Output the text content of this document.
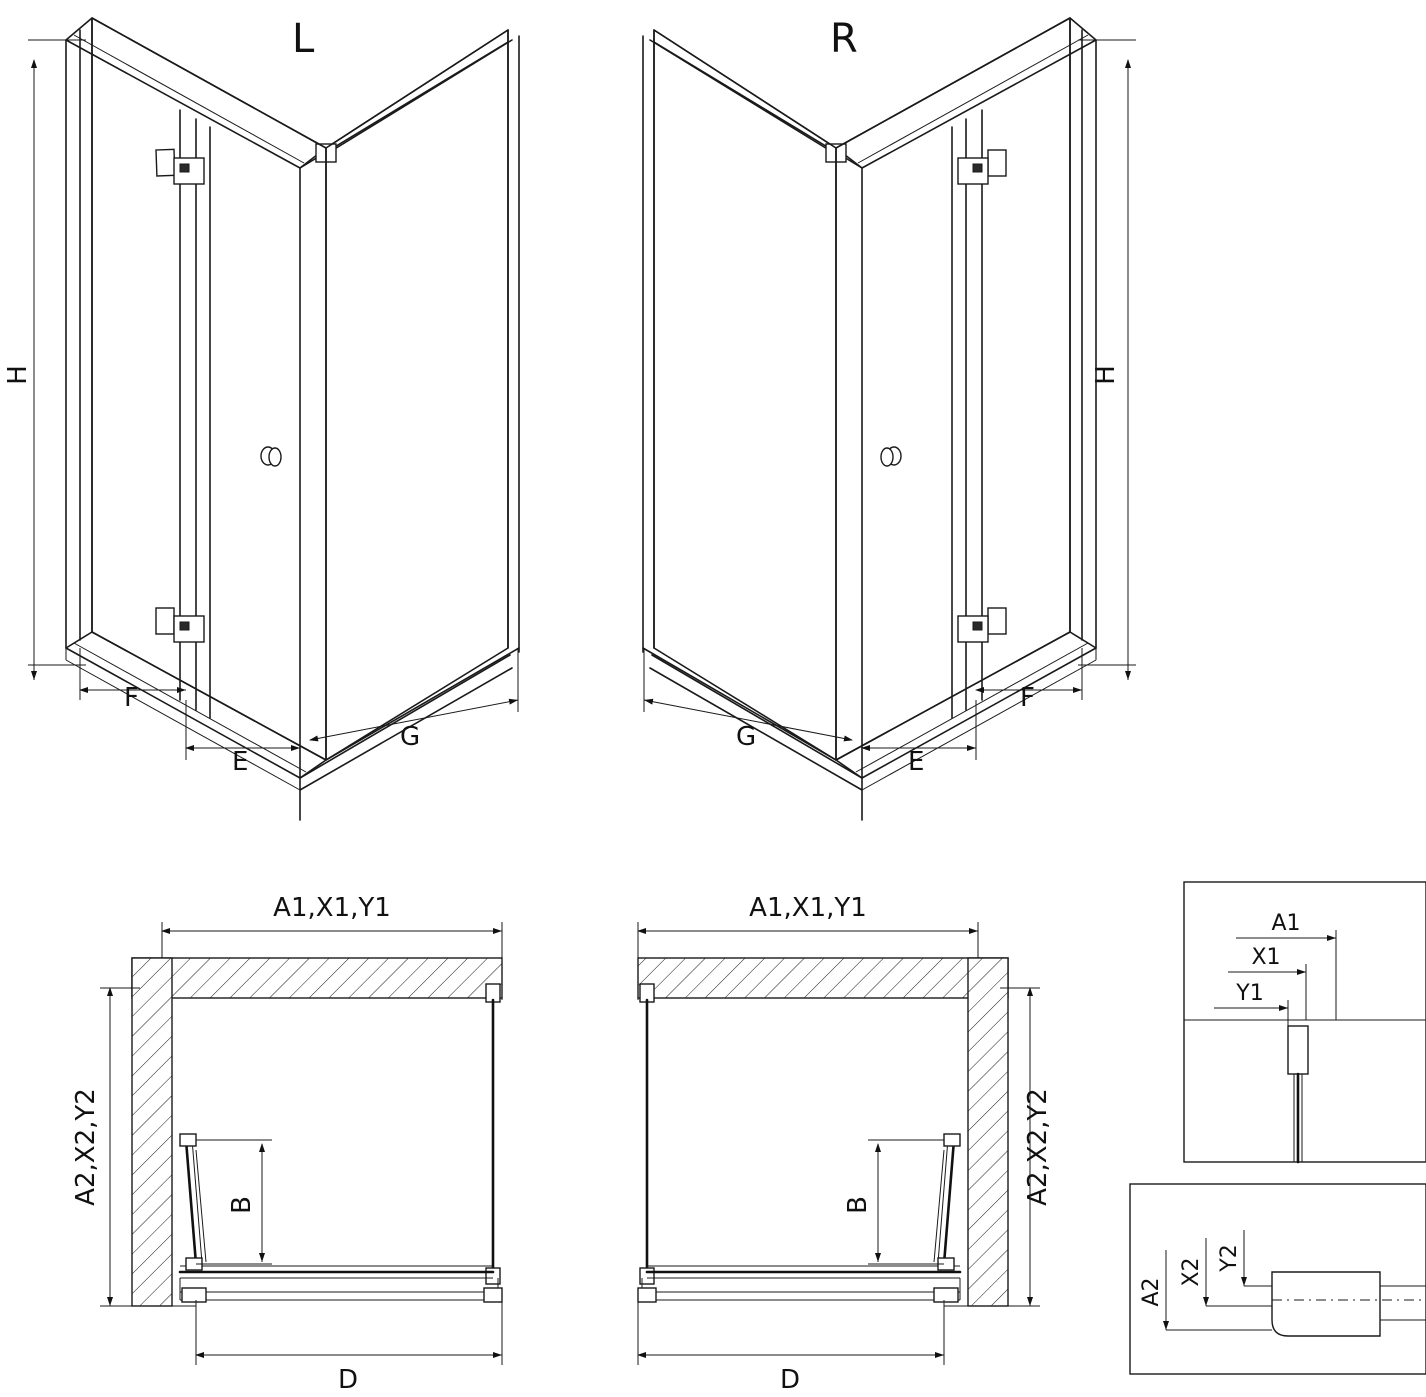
L
H
F
E
G
R
H
G
E
F
A1,X1,Y1
A2,X2,Y2	B
D
A1,X1,Y1
A2,X2,Y2
B
D
A1
X1
Y1
A2
X2 Y2
